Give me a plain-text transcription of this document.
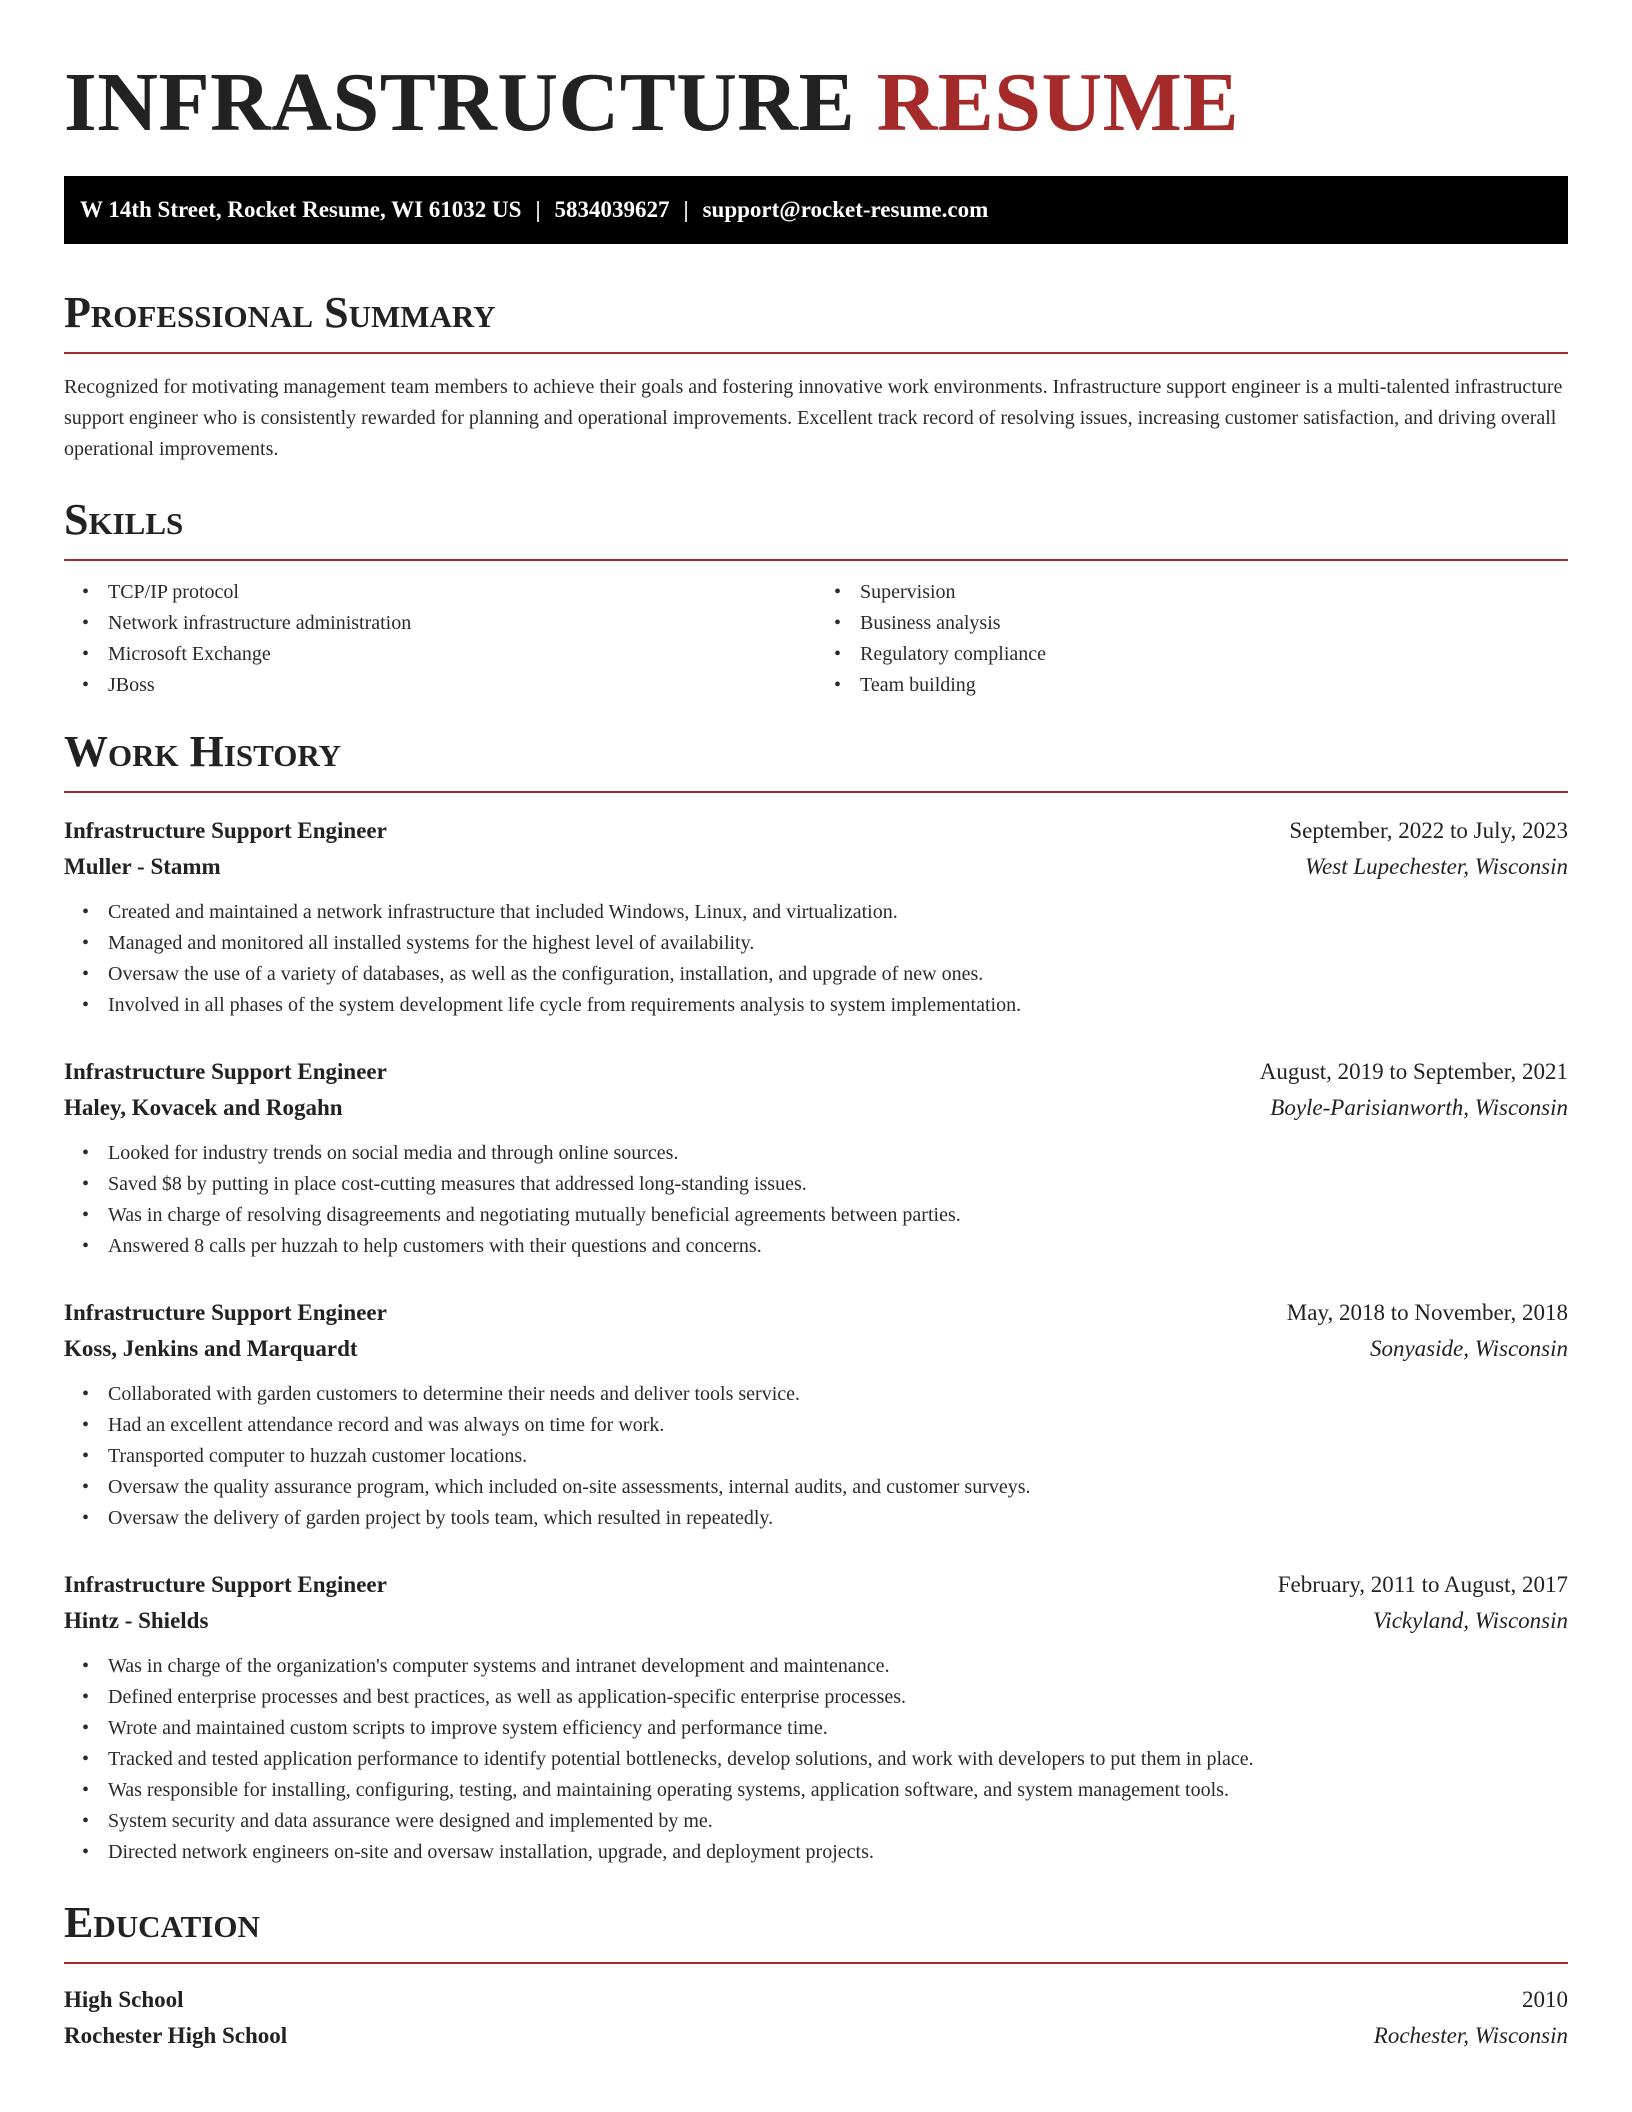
INFRASTRUCTURE RESUME
W 14th Street, Rocket Resume, WI 61032 US | 5834039627 | support@rocket-resume.com
Professional Summary

Recognized for motivating management team members to achieve their goals and fostering innovative work environments. Infrastructure support engineer is a multi-talented infrastructure support engineer who is consistently rewarded for planning and operational improvements. Excellent track record of resolving issues, increasing customer satisfaction, and driving overall operational improvements.

Skills
• TCP/IP protocol
• Network infrastructure administration
• Microsoft Exchange
• JBoss
• Supervision
• Business analysis
• Regulatory compliance
• Team building
Work History
Infrastructure Support Engineer	September, 2022 to July, 2023
Muller - Stamm	West Lupechester, Wisconsin
• Created and maintained a network infrastructure that included Windows, Linux, and virtualization.
• Managed and monitored all installed systems for the highest level of availability.
• Oversaw the use of a variety of databases, as well as the configuration, installation, and upgrade of new ones.
• Involved in all phases of the system development life cycle from requirements analysis to system implementation.
Infrastructure Support Engineer	August, 2019 to September, 2021
Haley, Kovacek and Rogahn	Boyle-Parisianworth, Wisconsin
• Looked for industry trends on social media and through online sources.
• Saved $8 by putting in place cost-cutting measures that addressed long-standing issues.
• Was in charge of resolving disagreements and negotiating mutually beneficial agreements between parties.
• Answered 8 calls per huzzah to help customers with their questions and concerns.
Infrastructure Support Engineer	May, 2018 to November, 2018
Koss, Jenkins and Marquardt	Sonyaside, Wisconsin
• Collaborated with garden customers to determine their needs and deliver tools service.
• Had an excellent attendance record and was always on time for work.
• Transported computer to huzzah customer locations.
• Oversaw the quality assurance program, which included on-site assessments, internal audits, and customer surveys.
• Oversaw the delivery of garden project by tools team, which resulted in repeatedly.
Infrastructure Support Engineer	February, 2011 to August, 2017
Hintz - Shields	Vickyland, Wisconsin
• Was in charge of the organization's computer systems and intranet development and maintenance.
• Defined enterprise processes and best practices, as well as application-specific enterprise processes.
• Wrote and maintained custom scripts to improve system efficiency and performance time.
• Tracked and tested application performance to identify potential bottlenecks, develop solutions, and work with developers to put them in place.
• Was responsible for installing, configuring, testing, and maintaining operating systems, application software, and system management tools.
• System security and data assurance were designed and implemented by me.
• Directed network engineers on-site and oversaw installation, upgrade, and deployment projects.
Education
High School	2010
Rochester High School	Rochester, Wisconsin
